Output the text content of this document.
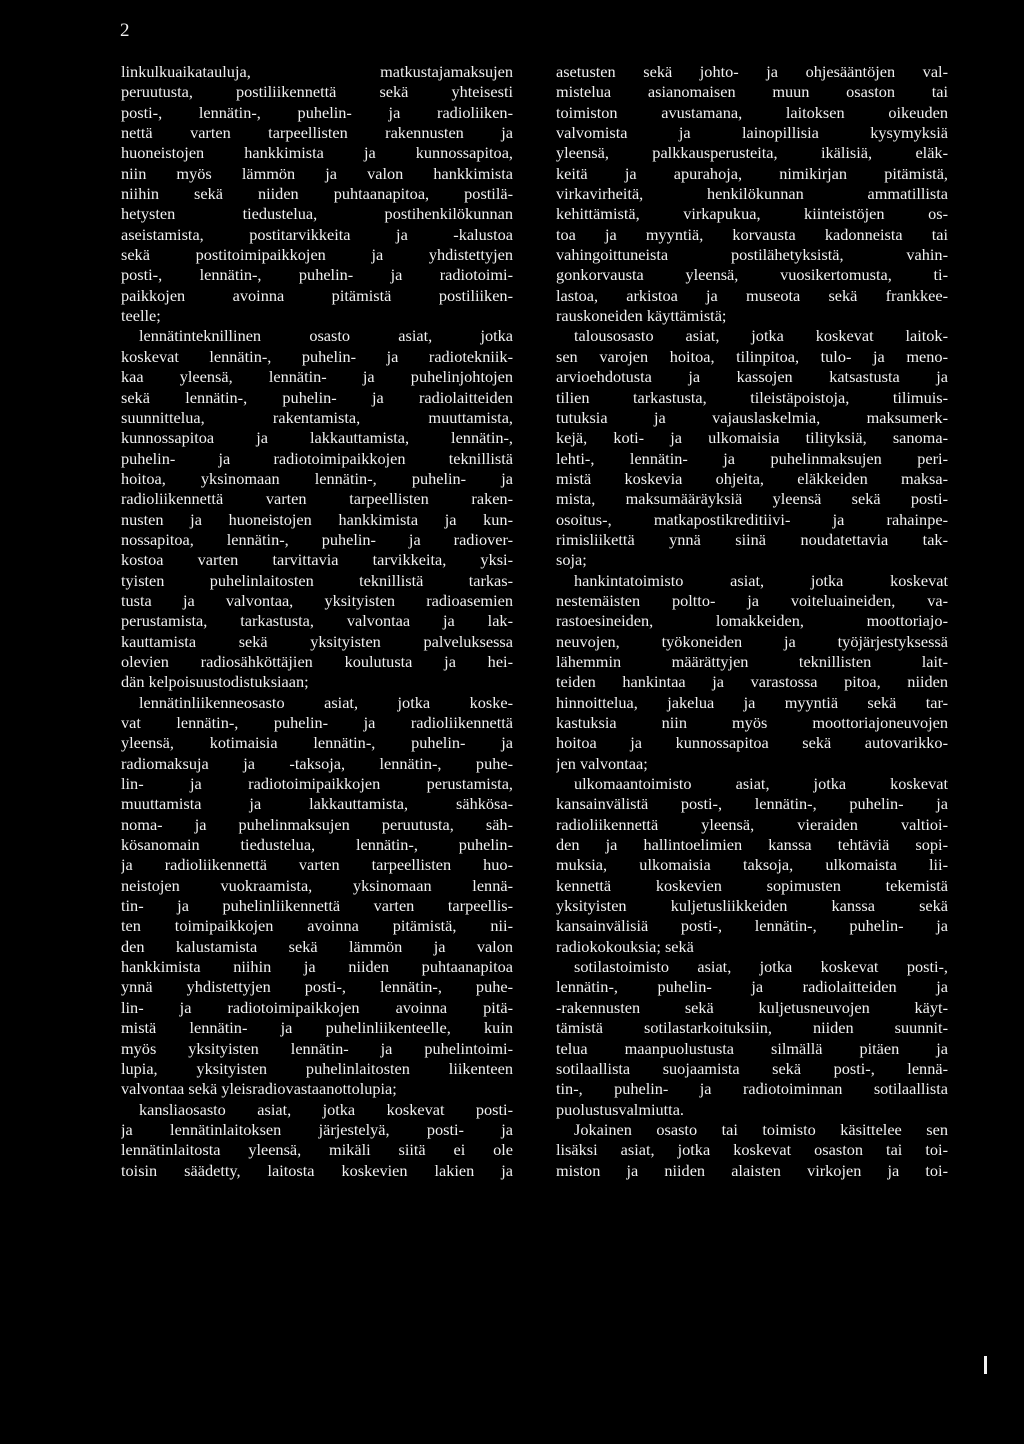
2
linkulkuaikatauluja, matkustajamaksujen
peruutusta, postiliikennettä sekä yhteisesti
posti-, lennätin-, puhelin- ja radioliiken-
nettä varten tarpeellisten rakennusten ja
huoneistojen hankkimista ja kunnossapitoa,
niin myös lämmön ja valon hankkimista
niihin sekä niiden puhtaanapitoa, postilä-
hetysten tiedustelua, postihenkilökunnan
aseistamista, postitarvikkeita ja -kalustoa
sekä postitoimipaikkojen ja yhdistettyjen
posti-, lennätin-, puhelin- ja radiotoimi-
paikkojen avoinna pitämistä postiliiken-
teelle;
lennätinteknillinen osasto asiat, jotka
koskevat lennätin-, puhelin- ja radiotekniik-
kaa yleensä, lennätin- ja puhelinjohtojen
sekä lennätin-, puhelin- ja radiolaitteiden
suunnittelua, rakentamista, muuttamista,
kunnossapitoa ja lakkauttamista, lennätin-,
puhelin- ja radiotoimipaikkojen teknillistä
hoitoa, yksinomaan lennätin-, puhelin- ja
radioliikennettä varten tarpeellisten raken-
nusten ja huoneistojen hankkimista ja kun-
nossapitoa, lennätin-, puhelin- ja radiover-
kostoa varten tarvittavia tarvikkeita, yksi-
tyisten puhelinlaitosten teknillistä tarkas-
tusta ja valvontaa, yksityisten radioasemien
perustamista, tarkastusta, valvontaa ja lak-
kauttamista sekä yksityisten palveluksessa
olevien radiosähköttäjien koulutusta ja hei-
dän kelpoisuustodistuksiaan;
lennätinliikenneosasto asiat, jotka koske-
vat lennätin-, puhelin- ja radioliikennettä
yleensä, kotimaisia lennätin-, puhelin- ja
radiomaksuja ja -taksoja, lennätin-, puhe-
lin- ja radiotoimipaikkojen perustamista,
muuttamista ja lakkauttamista, sähkösa-
noma- ja puhelinmaksujen peruutusta, säh-
kösanomain tiedustelua, lennätin-, puhelin-
ja radioliikennettä varten tarpeellisten huo-
neistojen vuokraamista, yksinomaan lennä-
tin- ja puhelinliikennettä varten tarpeellis-
ten toimipaikkojen avoinna pitämistä, nii-
den kalustamista sekä lämmön ja valon
hankkimista niihin ja niiden puhtaanapitoa
ynnä yhdistettyjen posti-, lennätin-, puhe-
lin- ja radiotoimipaikkojen avoinna pitä-
mistä lennätin- ja puhelinliikenteelle, kuin
myös yksityisten lennätin- ja puhelintoimi-
lupia, yksityisten puhelinlaitosten liikenteen
valvontaa sekä yleisradiovastaanottolupia;
kansliaosasto asiat, jotka koskevat posti-
ja lennätinlaitoksen järjestelyä, posti- ja
lennätinlaitosta yleensä, mikäli siitä ei ole
toisin säädetty, laitosta koskevien lakien ja
asetusten sekä johto- ja ohjesääntöjen val-
mistelua asianomaisen muun osaston tai
toimiston avustamana, laitoksen oikeuden
valvomista ja lainopillisia kysymyksiä
yleensä, palkkausperusteita, ikälisiä, eläk-
keitä ja apurahoja, nimikirjan pitämistä,
virkavirheitä, henkilökunnan ammatillista
kehittämistä, virkapukua, kiinteistöjen os-
toa ja myyntiä, korvausta kadonneista tai
vahingoittuneista postilähetyksistä, vahin-
gonkorvausta yleensä, vuosikertomusta, ti-
lastoa, arkistoa ja museota sekä frankkee-
rauskoneiden käyttämistä;
talousosasto asiat, jotka koskevat laitok-
sen varojen hoitoa, tilinpitoa, tulo- ja meno-
arvioehdotusta ja kassojen katsastusta ja
tilien tarkastusta, tileistäpoistoja, tilimuis-
tutuksia ja vajauslaskelmia, maksumerk-
kejä, koti- ja ulkomaisia tilityksiä, sanoma-
lehti-, lennätin- ja puhelinmaksujen peri-
mistä koskevia ohjeita, eläkkeiden maksa-
mista, maksumääräyksiä yleensä sekä posti-
osoitus-, matkapostikreditiivi- ja rahainpe-
rimisliikettä ynnä siinä noudatettavia tak-
soja;
hankintatoimisto asiat, jotka koskevat
nestemäisten poltto- ja voiteluaineiden, va-
rastoesineiden, lomakkeiden, moottoriajo-
neuvojen, työkoneiden ja työjärjestyksessä
lähemmin määrättyjen teknillisten lait-
teiden hankintaa ja varastossa pitoa, niiden
hinnoittelua, jakelua ja myyntiä sekä tar-
kastuksia niin myös moottoriajoneuvojen
hoitoa ja kunnossapitoa sekä autovarikko-
jen valvontaa;
ulkomaantoimisto asiat, jotka koskevat
kansainvälistä posti-, lennätin-, puhelin- ja
radioliikennettä yleensä, vieraiden valtioi-
den ja hallintoelimien kanssa tehtäviä sopi-
muksia, ulkomaisia taksoja, ulkomaista lii-
kennettä koskevien sopimusten tekemistä
yksityisten kuljetusliikkeiden kanssa sekä
kansainvälisiä posti-, lennätin-, puhelin- ja
radiokokouksia; sekä
sotilastoimisto asiat, jotka koskevat posti-,
lennätin-, puhelin- ja radiolaitteiden ja
-rakennusten sekä kuljetusneuvojen käyt-
tämistä sotilastarkoituksiin, niiden suunnit-
telua maanpuolustusta silmällä pitäen ja
sotilaallista suojaamista sekä posti-, lennä-
tin-, puhelin- ja radiotoiminnan sotilaallista
puolustusvalmiutta.
Jokainen osasto tai toimisto käsittelee sen
lisäksi asiat, jotka koskevat osaston tai toi-
miston ja niiden alaisten virkojen ja toi-
